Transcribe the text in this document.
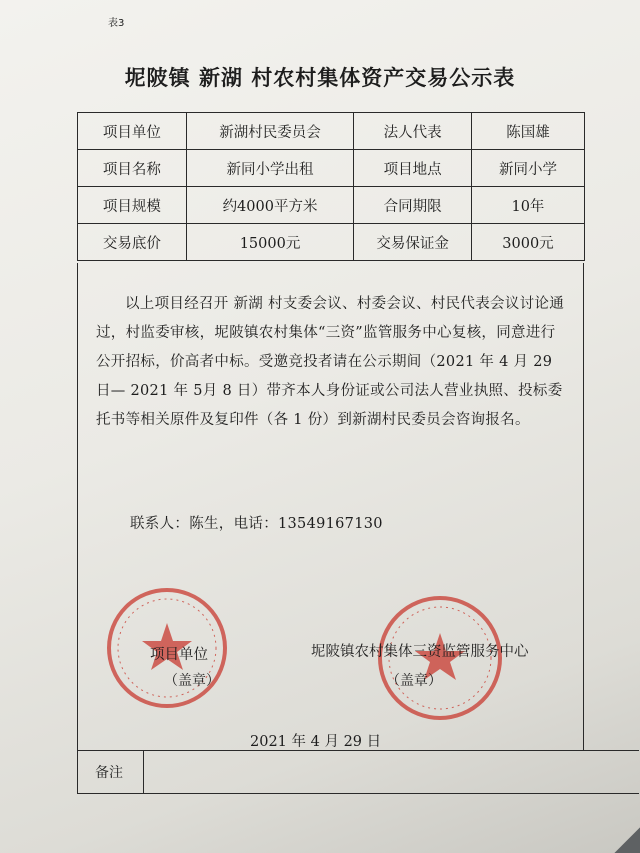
表3
坭陂镇 新湖 村农村集体资产交易公示表
项目单位	新湖村民委员会	法人代表	陈国雄
项目名称	新同小学出租	项目地点	新同小学
项目规模	约4000平方米	合同期限	10年
交易底价	15000元	交易保证金	3000元
以上项目经召开 新湖 村支委会议、村委会议、村民代表会议讨论通过，村监委审核，坭陂镇农村集体“三资”监管服务中心复核，同意进行公开招标，价高者中标。受邀竞投者请在公示期间（2021 年 4 月 29日— 2021 年 5月 8 日）带齐本人身份证或公司法人营业执照、投标委托书等相关原件及复印件（各 1 份）到新湖村民委员会咨询报名。
联系人：陈生，电话：13549167130
项目单位
（盖章）
坭陂镇农村集体三资监管服务中心
（盖章）
2021 年 4 月 29 日
备注
